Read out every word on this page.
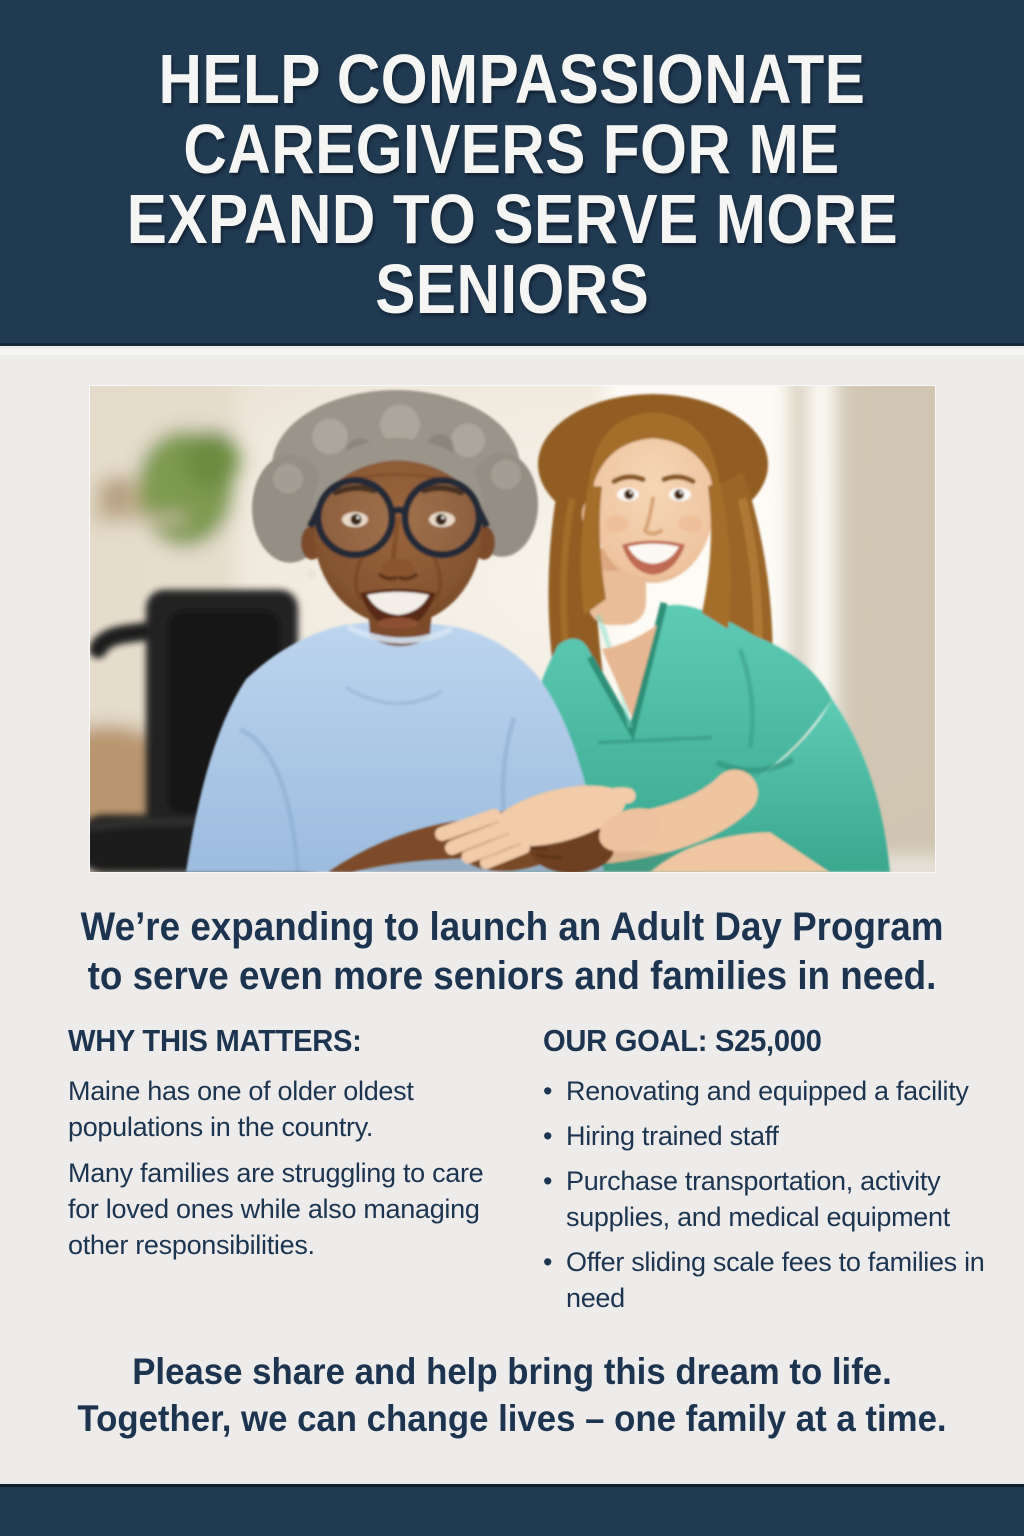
HELP COMPASSIONATE
CAREGIVERS FOR ME
EXPAND TO SERVE MORE
SENIORS
We’re expanding to launch an Adult Day Program
to serve even more seniors and families in need.
WHY THIS MATTERS:

Maine has one of older oldest populations in the country.

Many families are struggling to care for loved ones while also managing other responsibilities.

OUR GOAL: S25,000
• Renovating and equipped a facility
• Hiring trained staff
• Purchase transportation, activity supplies, and medical equipment
• Offer sliding scale fees to families in need
Please share and help bring this dream to life.
Together, we can change lives – one family at a time.
